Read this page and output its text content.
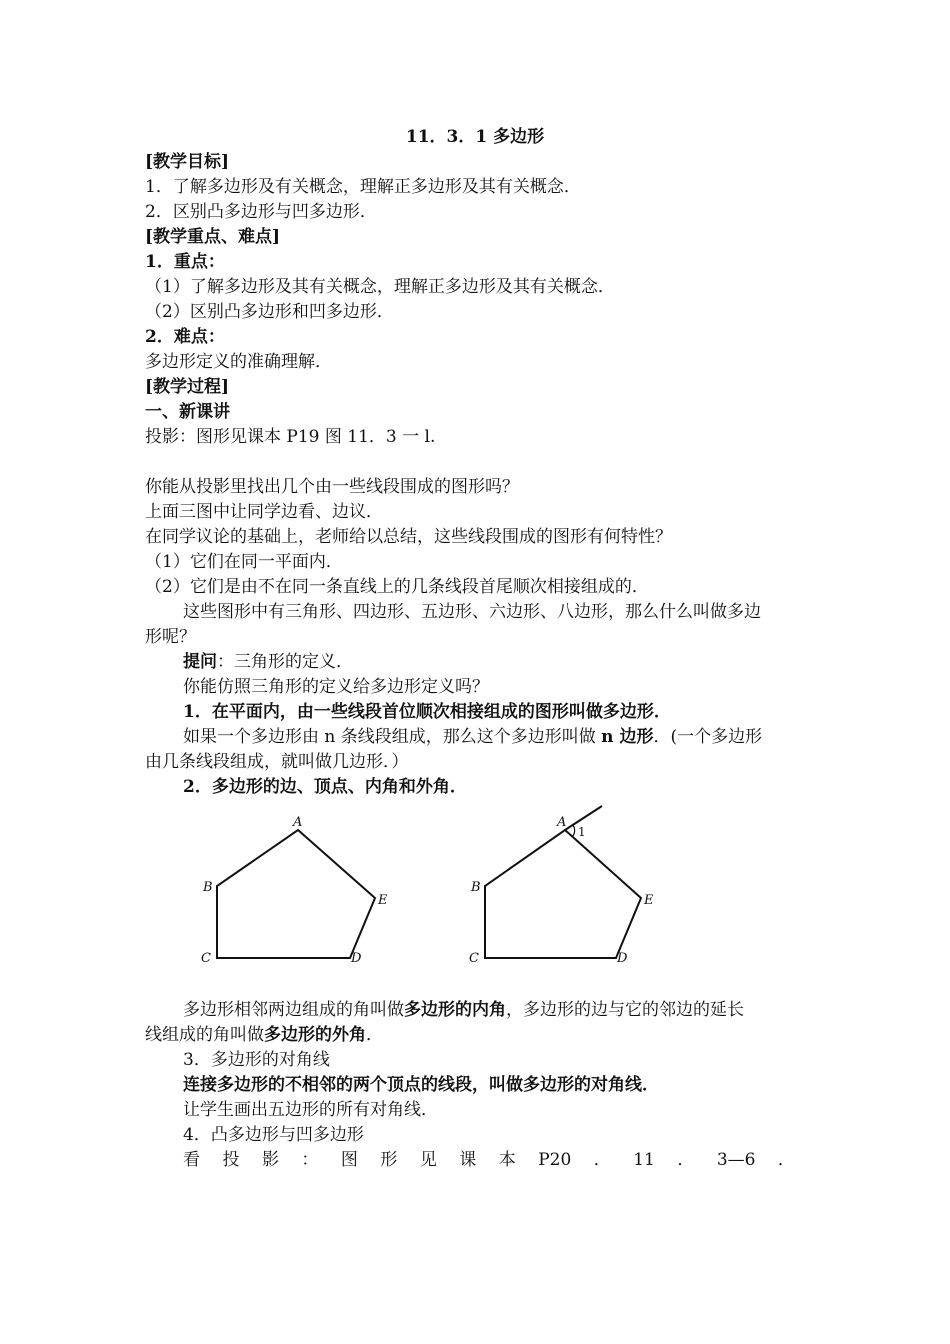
11．3．1 多边形
[教学目标]
1．了解多边形及有关概念，理解正多边形及其有关概念．
2．区别凸多边形与凹多边形．
[教学重点、难点]
1．重点：
（1）了解多边形及其有关概念，理解正多边形及其有关概念．
（2）区别凸多边形和凹多边形．
2．难点：
多边形定义的准确理解．
[教学过程]
一、新课讲
投影：图形见课本 P19 图 11．3 一 l.
你能从投影里找出几个由一些线段围成的图形吗？
上面三图中让同学边看、边议．
在同学议论的基础上，老师给以总结，这些线段围成的图形有何特性？
（1）它们在同一平面内．
（2）它们是由不在同一条直线上的几条线段首尾顺次相接组成的．
这些图形中有三角形、四边形、五边形、六边形、八边形，那么什么叫做多边
形呢？
提问：三角形的定义．
你能仿照三角形的定义给多边形定义吗？
1．在平面内，由一些线段首位顺次相接组成的图形叫做多边形．
如果一个多边形由 n 条线段组成，那么这个多边形叫做 n 边形．(一个多边形
由几条线段组成，就叫做几边形．）
2．多边形的边、顶点、内角和外角．
A
B
C	D
E
A
1
B
C	D
E
多边形相邻两边组成的角叫做多边形的内角，多边形的边与它的邻边的延长
线组成的角叫做多边形的外角．
3．多边形的对角线
连接多边形的不相邻的两个顶点的线段，叫做多边形的对角线．
让学生画出五边形的所有对角线．
4．凸多边形与凹多边形
看 投 影 ： 图 形 见 课 本 P20 ． 11 ． 3—6 ．
